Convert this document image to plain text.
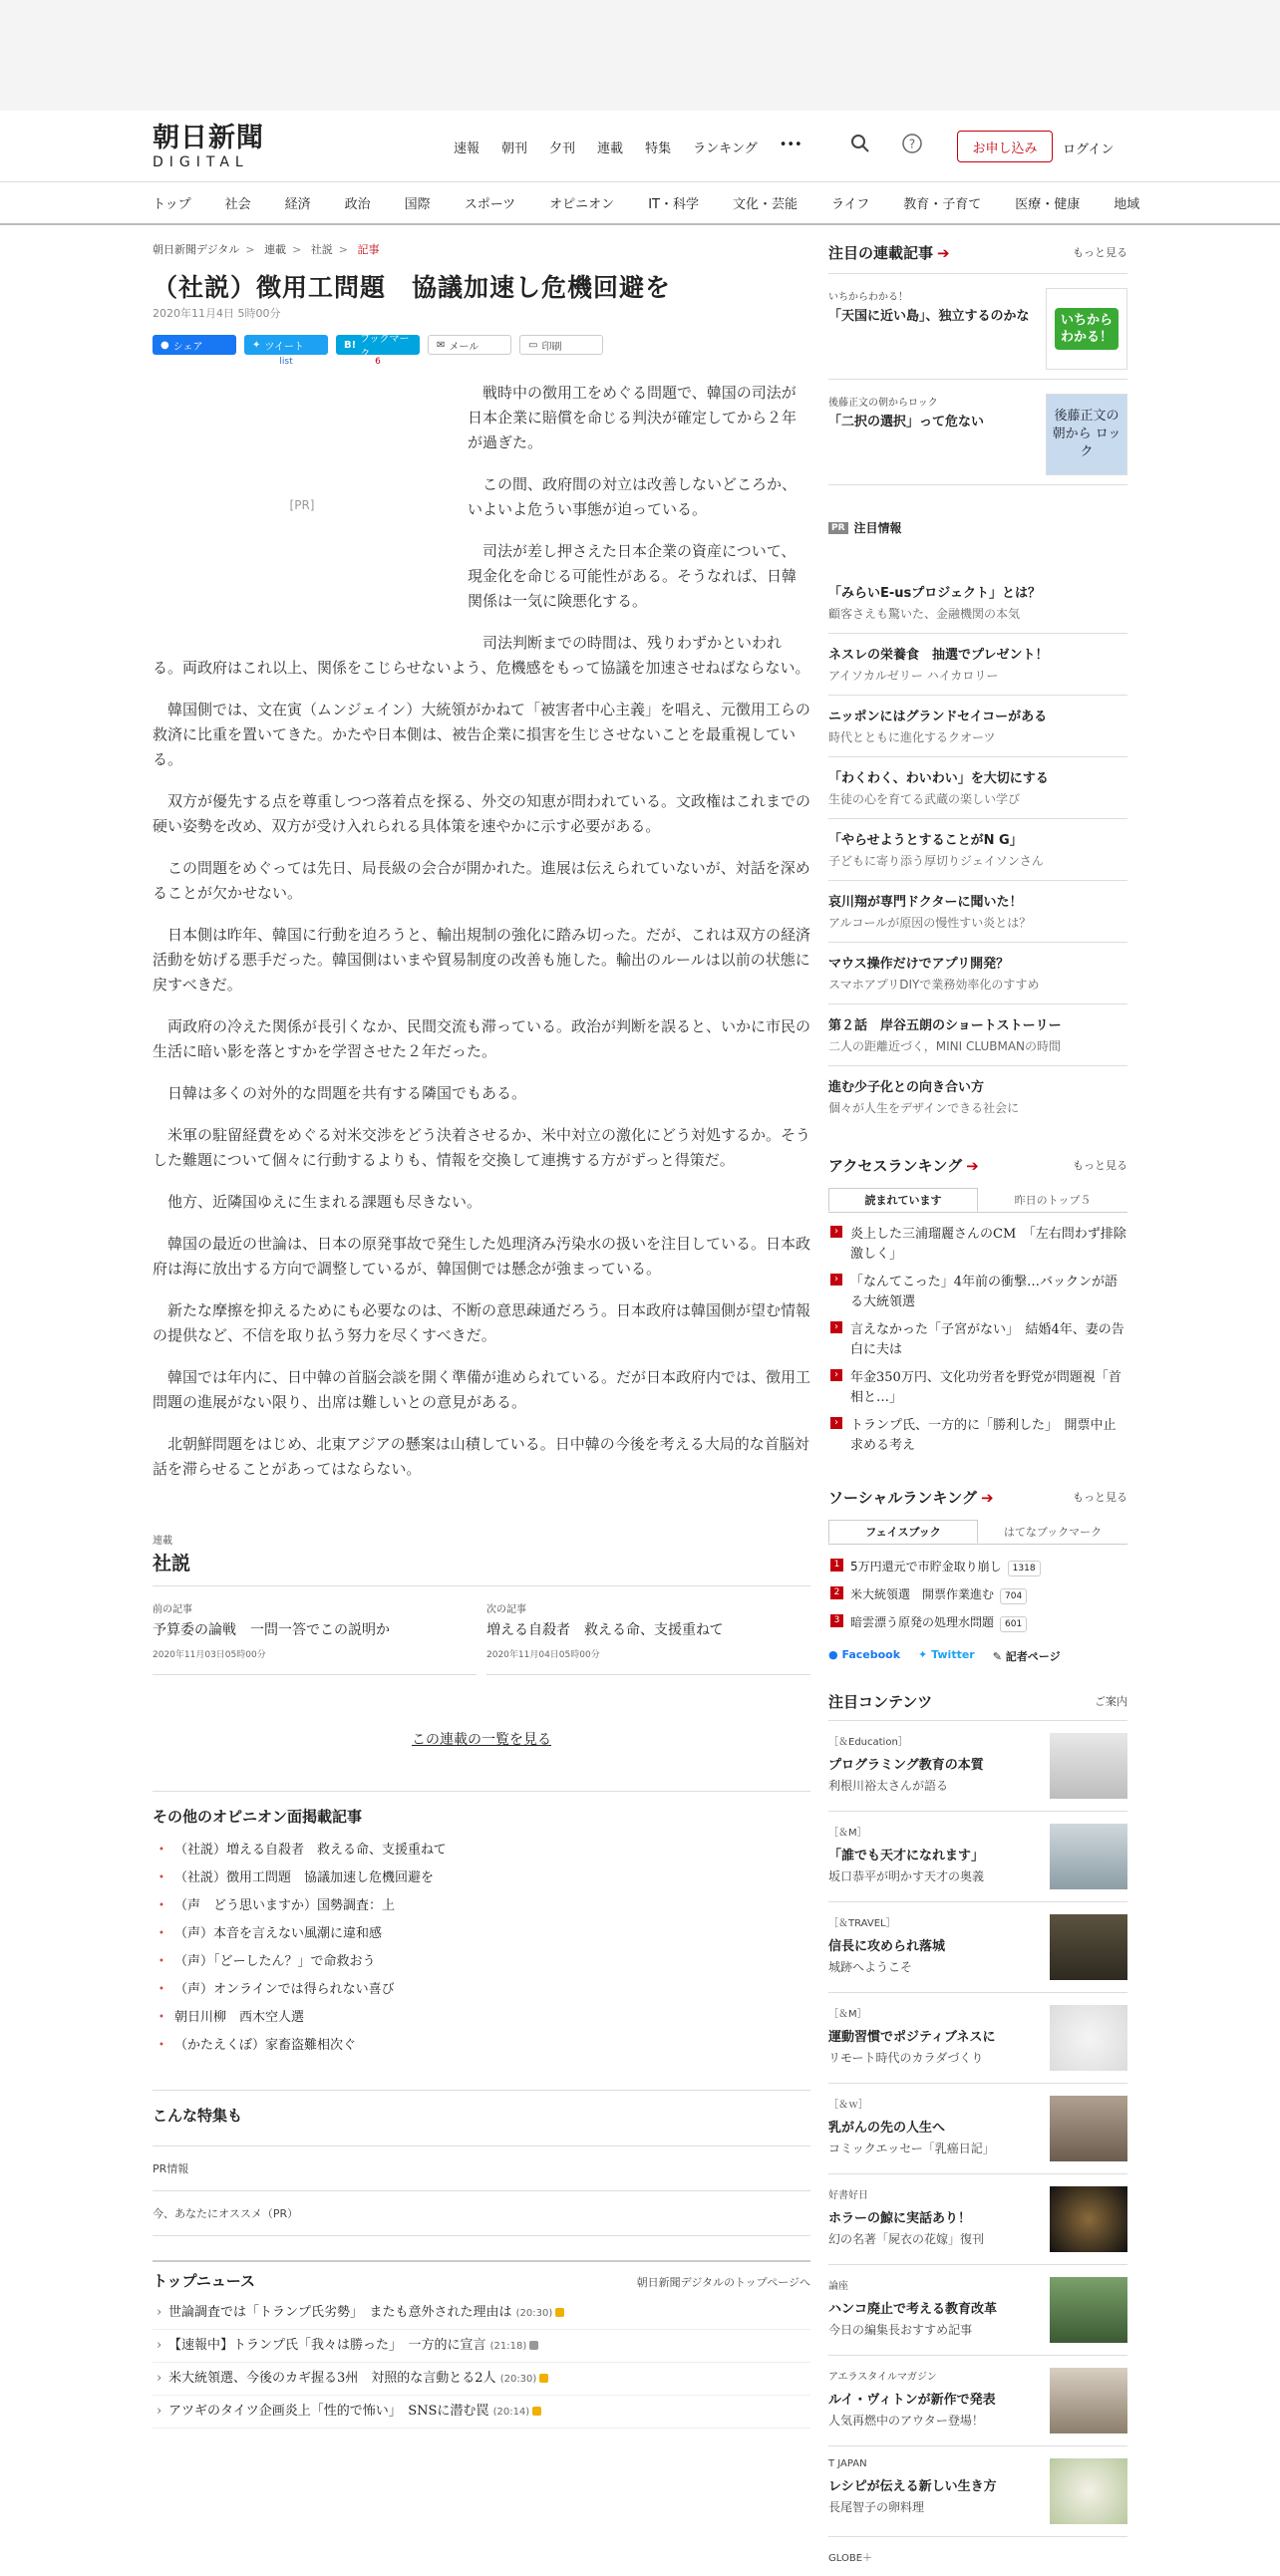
朝日新聞
DIGITAL
速報 朝刊 夕刊 連載 特集 ランキング •••	?	お申し込み	ログイン
トップ	社会	経済	政治	国際	スポーツ	オピニオン	IT・科学	文化・芸能	ライフ	教育・子育て	医療・健康	地域
朝日新聞デジタル > 連載 > 社説 > 記事
（社説）徴用工問題　協議加速し危機回避を
2020年11月4日 5時00分
● シェア	✦ ツイート
list
B! ブックマーク
6
✉ メール	▭ 印刷
[PR]

戦時中の徴用工をめぐる問題で、韓国の司法が日本企業に賠償を命じる判決が確定してから２年が過ぎた。

この間、政府間の対立は改善しないどころか、いよいよ危うい事態が迫っている。

司法が差し押さえた日本企業の資産について、現金化を命じる可能性がある。そうなれば、日韓関係は一気に険悪化する。

司法判断までの時間は、残りわずかといわれる。両政府はこれ以上、関係をこじらせないよう、危機感をもって協議を加速させねばならない。

韓国側では、文在寅（ムンジェイン）大統領がかねて「被害者中心主義」を唱え、元徴用工らの救済に比重を置いてきた。かたや日本側は、被告企業に損害を生じさせないことを最重視している。

双方が優先する点を尊重しつつ落着点を探る、外交の知恵が問われている。文政権はこれまでの硬い姿勢を改め、双方が受け入れられる具体策を速やかに示す必要がある。

この問題をめぐっては先日、局長級の会合が開かれた。進展は伝えられていないが、対話を深めることが欠かせない。

日本側は昨年、韓国に行動を迫ろうと、輸出規制の強化に踏み切った。だが、これは双方の経済活動を妨げる悪手だった。韓国側はいまや貿易制度の改善も施した。輸出のルールは以前の状態に戻すべきだ。

両政府の冷えた関係が長引くなか、民間交流も滞っている。政治が判断を誤ると、いかに市民の生活に暗い影を落とすかを学習させた２年だった。

日韓は多くの対外的な問題を共有する隣国でもある。

米軍の駐留経費をめぐる対米交渉をどう決着させるか、米中対立の激化にどう対処するか。そうした難題について個々に行動するよりも、情報を交換して連携する方がずっと得策だ。

他方、近隣国ゆえに生まれる課題も尽きない。

韓国の最近の世論は、日本の原発事故で発生した処理済み汚染水の扱いを注目している。日本政府は海に放出する方向で調整しているが、韓国側では懸念が強まっている。

新たな摩擦を抑えるためにも必要なのは、不断の意思疎通だろう。日本政府は韓国側が望む情報の提供など、不信を取り払う努力を尽くすべきだ。

韓国では年内に、日中韓の首脳会談を開く準備が進められている。だが日本政府内では、徴用工問題の進展がない限り、出席は難しいとの意見がある。

北朝鮮問題をはじめ、北東アジアの懸案は山積している。日中韓の今後を考える大局的な首脳対話を滞らせることがあってはならない。

連載
社説
前の記事
予算委の論戦　一問一答でこの説明か
2020年11月03日05時00分
次の記事
増える自殺者　救える命、支援重ねて
2020年11月04日05時00分
この連載の一覧を見る
その他のオピニオン面掲載記事
• （社説）増える自殺者　救える命、支援重ねて
• （社説）徴用工問題　協議加速し危機回避を
• （声　どう思いますか）国勢調査：上
• （声）本音を言えない風潮に違和感
• （声）「どーしたん？」で命救おう
• （声）オンラインでは得られない喜び
• 朝日川柳　西木空人選
• （かたえくぼ）家畜盗難相次ぐ
こんな特集も
PR情報
今、あなたにオススメ（PR）
トップニュース	朝日新聞デジタルのトップページへ
› 世論調査では「トランプ氏劣勢」　またも意外された理由は (20:30)
› 【速報中】トランプ氏「我々は勝った」　一方的に宣言 (21:18)
› 米大統領選、今後のカギ握る3州　対照的な言動とる2人 (20:30)
› アツギのタイツ企画炎上「性的で怖い」　SNSに潜む罠 (20:14)
注目の連載記事 ➔	もっと見る
いちからわかる！
「天国に近い島」、独立するのかな	いちから わかる！
後藤正文の朝からロック
「二択の選択」って危ない	後藤正文の 朝から ロック
PR 注目情報
「みらいE-usプロジェクト」とは？
顧客さえも驚いた、金融機関の本気
ネスレの栄養食　抽選でプレゼント！
アイソカルゼリー ハイカロリー
ニッポンにはグランドセイコーがある
時代とともに進化するクオーツ
「わくわく、わいわい」を大切にする
生徒の心を育てる武蔵の楽しい学び
「やらせようとすることがN G」
子どもに寄り添う厚切りジェイソンさん
哀川翔が専門ドクターに聞いた！
アルコールが原因の慢性すい炎とは？
マウス操作だけでアプリ開発？
スマホアプリDIYで業務効率化のすすめ
第２話　岸谷五朗のショートストーリー
二人の距離近づく，MINI CLUBMANの時間
進む少子化との向き合い方
個々が人生をデザインできる社会に
アクセスランキング ➔	もっと見る
読まれています	昨日のトップ５
› 炎上した三浦瑠麗さんのCM　「左右問わず排除激しく」
› 「なんてこった」4年前の衝撃…バックンが語る大統領選
› 言えなかった「子宮がない」　結婚4年、妻の告白に夫は
› 年金350万円、文化功労者を野党が問題視「首相と…」
› トランプ氏、一方的に「勝利した」　開票中止求める考え
ソーシャルランキング ➔	もっと見る
フェイスブック	はてなブックマーク
1 5万円還元で市貯金取り崩し 1318
2 米大統領選　開票作業進む 704
3 暗雲漂う原発の処理水問題 601
● Facebook ✦ Twitter ✎ 記者ページ
注目コンテンツ	ご案内
［＆Education］
プログラミング教育の本質
利根川裕太さんが語る
［＆M］
「誰でも天才になれます」
坂口恭平が明かす天才の奥義
［＆TRAVEL］
信長に攻められ落城
城跡へようこそ
［＆M］
運動習慣でポジティブネスに
リモート時代のカラダづくり
［＆ｗ］
乳がんの先の人生へ
コミックエッセー「乳癌日記」
好書好日
ホラーの鯨に実話あり！
幻の名著「屍衣の花嫁」復刊
論座
ハンコ廃止で考える教育改革
今日の編集長おすすめ記事
アエラスタイルマガジン
ルイ・ヴィトンが新作で発表
人気再燃中のアウター登場！
T JAPAN
レシピが伝える新しい生き方
長尾智子の卵料理
GLOBE＋
